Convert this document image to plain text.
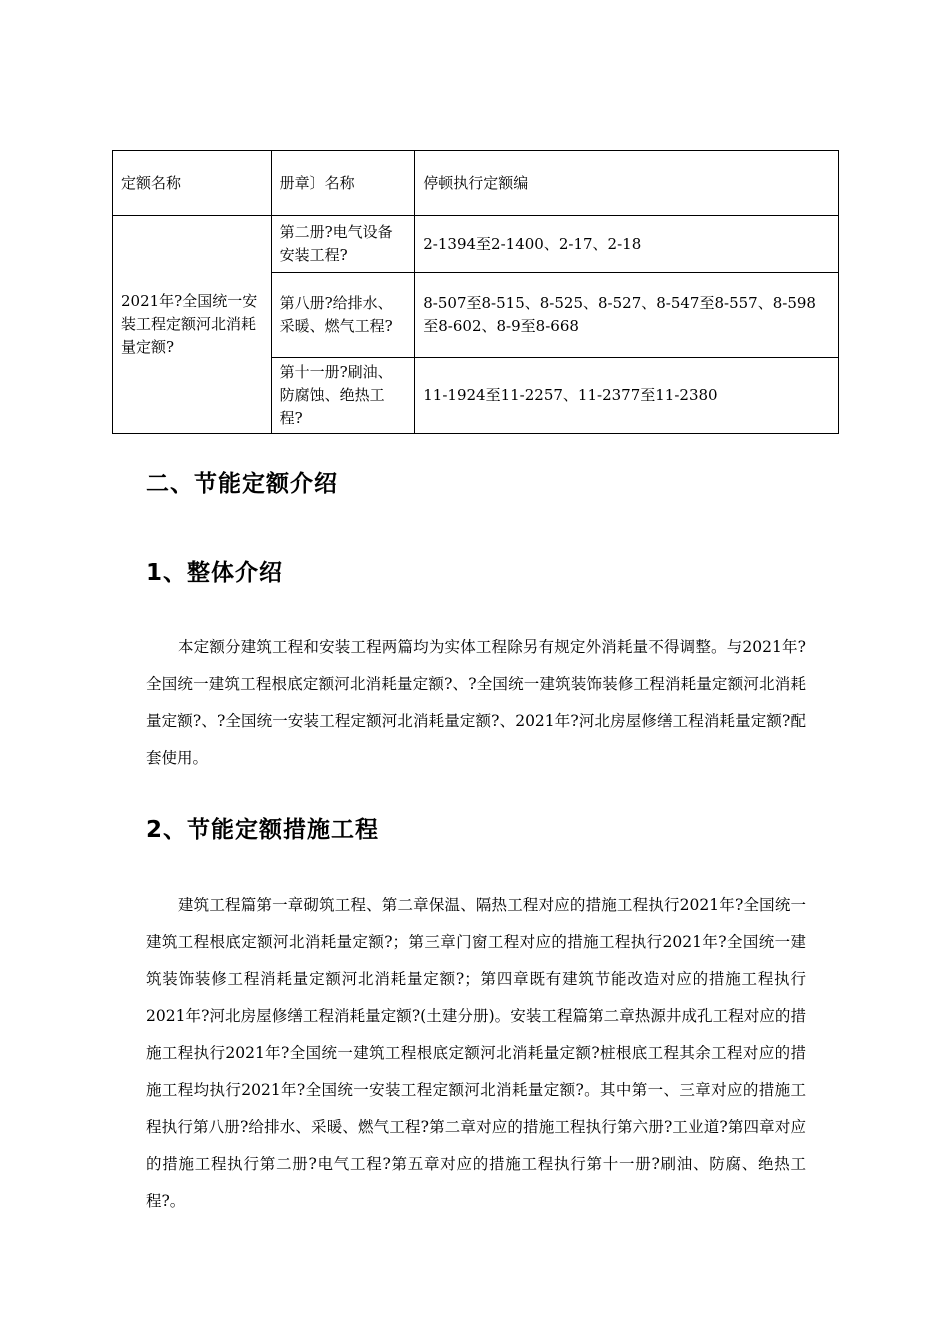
定额名称	册章〕名称	停顿执行定额编
2021年?全国统一安装工程定额河北消耗量定额?	第二册?电气设备安装工程?	2-1394至2-1400、2-17、2-18
	第八册?给排水、采暖、燃气工程?	8-507至8-515、8-525、8-527、8-547至8-557、8-598至8-602、8-9至8-668
	第十一册?刷油、防腐蚀、绝热工程?	11-1924至11-2257、11-2377至11-2380
二、节能定额介绍
1、整体介绍

本定额分建筑工程和安装工程两篇均为实体工程除另有规定外消耗量不得调整。与2021年?全国统一建筑工程根底定额河北消耗量定额?、?全国统一建筑装饰装修工程消耗量定额河北消耗量定额?、?全国统一安装工程定额河北消耗量定额?、2021年?河北房屋修缮工程消耗量定额?配套使用。

2、节能定额措施工程

建筑工程篇第一章砌筑工程、第二章保温、隔热工程对应的措施工程执行2021年?全国统一建筑工程根底定额河北消耗量定额?；第三章门窗工程对应的措施工程执行2021年?全国统一建筑装饰装修工程消耗量定额河北消耗量定额?；第四章既有建筑节能改造对应的措施工程执行2021年?河北房屋修缮工程消耗量定额?(土建分册)。安装工程篇第二章热源井成孔工程对应的措施工程执行2021年?全国统一建筑工程根底定额河北消耗量定额?桩根底工程其余工程对应的措施工程均执行2021年?全国统一安装工程定额河北消耗量定额?。其中第一、三章对应的措施工程执行第八册?给排水、采暖、燃气工程?第二章对应的措施工程执行第六册?工业道?第四章对应的措施工程执行第二册?电气工程?第五章对应的措施工程执行第十一册?刷油、防腐、绝热工程?。
